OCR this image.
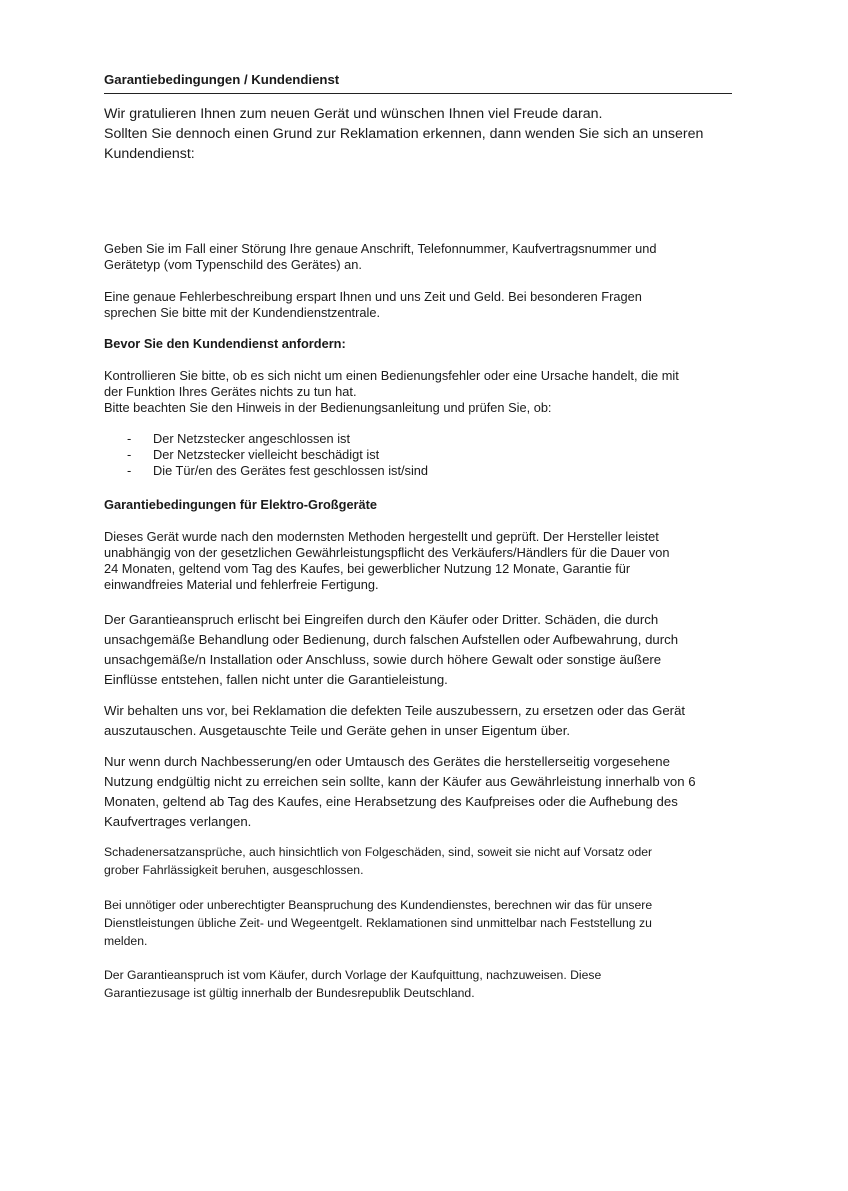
Garantiebedingungen / Kundendienst

Wir gratulieren Ihnen zum neuen Gerät und wünschen Ihnen viel Freude daran.
Sollten Sie dennoch einen Grund zur Reklamation erkennen, dann wenden Sie sich an unseren
Kundendienst:

Geben Sie im Fall einer Störung Ihre genaue Anschrift, Telefonnummer, Kaufvertragsnummer und
Gerätetyp (vom Typenschild des Gerätes) an.

Eine genaue Fehlerbeschreibung erspart Ihnen und uns Zeit und Geld. Bei besonderen Fragen
sprechen Sie bitte mit der Kundendienstzentrale.

Bevor Sie den Kundendienst anfordern:

Kontrollieren Sie bitte, ob es sich nicht um einen Bedienungsfehler oder eine Ursache handelt, die mit
der Funktion Ihres Gerätes nichts zu tun hat.
Bitte beachten Sie den Hinweis in der Bedienungsanleitung und prüfen Sie, ob:

- Der Netzstecker angeschlossen ist
- Der Netzstecker vielleicht beschädigt ist
- Die Tür/en des Gerätes fest geschlossen ist/sind
Garantiebedingungen für Elektro-Großgeräte

Dieses Gerät wurde nach den modernsten Methoden hergestellt und geprüft. Der Hersteller leistet
unabhängig von der gesetzlichen Gewährleistungspflicht des Verkäufers/Händlers für die Dauer von
24 Monaten, geltend vom Tag des Kaufes, bei gewerblicher Nutzung 12 Monate, Garantie für
einwandfreies Material und fehlerfreie Fertigung.

Der Garantieanspruch erlischt bei Eingreifen durch den Käufer oder Dritter. Schäden, die durch
unsachgemäße Behandlung oder Bedienung, durch falschen Aufstellen oder Aufbewahrung, durch
unsachgemäße/n Installation oder Anschluss, sowie durch höhere Gewalt oder sonstige äußere
Einflüsse entstehen, fallen nicht unter die Garantieleistung.

Wir behalten uns vor, bei Reklamation die defekten Teile auszubessern, zu ersetzen oder das Gerät
auszutauschen. Ausgetauschte Teile und Geräte gehen in unser Eigentum über.

Nur wenn durch Nachbesserung/en oder Umtausch des Gerätes die herstellerseitig vorgesehene
Nutzung endgültig nicht zu erreichen sein sollte, kann der Käufer aus Gewährleistung innerhalb von 6
Monaten, geltend ab Tag des Kaufes, eine Herabsetzung des Kaufpreises oder die Aufhebung des
Kaufvertrages verlangen.

Schadenersatzansprüche, auch hinsichtlich von Folgeschäden, sind, soweit sie nicht auf Vorsatz oder
grober Fahrlässigkeit beruhen, ausgeschlossen.

Bei unnötiger oder unberechtigter Beanspruchung des Kundendienstes, berechnen wir das für unsere
Dienstleistungen übliche Zeit- und Wegeentgelt. Reklamationen sind unmittelbar nach Feststellung zu
melden.

Der Garantieanspruch ist vom Käufer, durch Vorlage der Kaufquittung, nachzuweisen. Diese
Garantiezusage ist gültig innerhalb der Bundesrepublik Deutschland.
